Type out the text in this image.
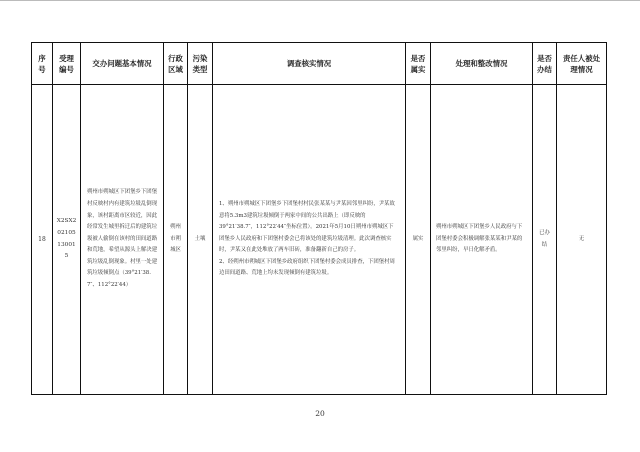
序号
受理编号
交办问题基本情况
行政区域
污染类型
调查核实情况
是否属实
处理和整改情况
是否办结
责任人被处理情况
18
X2SX202105130015
朔州市朔城区下团堡乡下团堡村反映村内有建筑垃圾乱倒现象，该村距离市区较近，因此经常发生城里拆迁后的建筑垃圾被人偷倒在该村的田间道路和荒地，希望从源头上解决建筑垃圾乱倒现象。村里一处建筑垃圾倾倒点（39°21′38.7″、112°22′44）
朔州市朔城区
土壤
1、朔州市朔城区下团堡乡下团堡村村民张某某与尹某因邻里纠纷，尹某故意将5.3m3建筑垃圾倾倒于两家中间的公共出路上（即反映的39°21′38.7″，112°22′44″坐标位置）。2021年5月10日朔州市朔城区下团堡乡人民政府和下团堡村委会已将该处的建筑垃圾清理。此次调查核实时，尹某又在此处堆放了两车旧砖，准备翻新自己的房子。
2、经朔州市朔城区下团堡乡政府组织下团堡村委会成员排查，下团堡村周边田间道路、荒地上均未发现倾倒有建筑垃圾。
属实
朔州市朔城区下团堡乡人民政府与下团堡村委会积极调解张某某和尹某的邻里纠纷，早日化解矛盾。
已办结
无
20
